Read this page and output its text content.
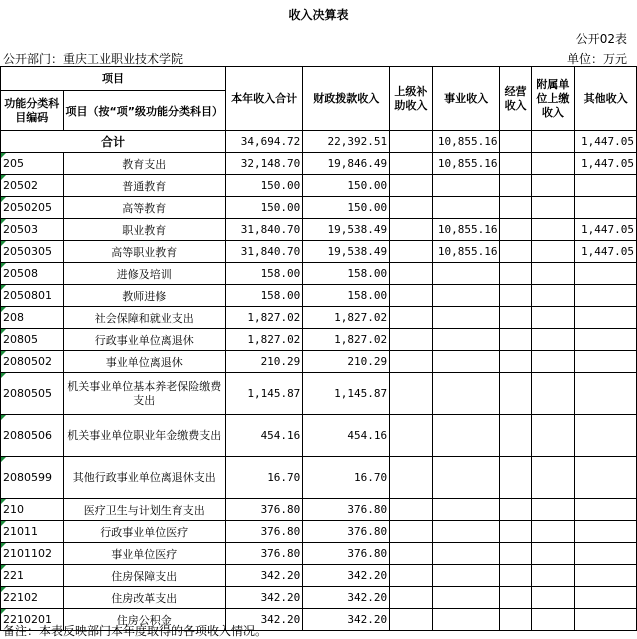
收入决算表
公开02表
公开部门：重庆工业职业技术学院	单位：万元
项目		本年收入合计	财政拨款收入	上级补助收入	事业收入	经营收入	附属单位上缴收入	其他收入
功能分类科目编码	项目（按“项”级功能分类科目）							
合计		34,694.72	22,392.51		10,855.16			1,447.05
205	教育支出	32,148.70	19,846.49		10,855.16			1,447.05
20502	普通教育	150.00	150.00					
2050205	高等教育	150.00	150.00					
20503	职业教育	31,840.70	19,538.49		10,855.16			1,447.05
2050305	高等职业教育	31,840.70	19,538.49		10,855.16			1,447.05
20508	进修及培训	158.00	158.00					
2050801	教师进修	158.00	158.00					
208	社会保障和就业支出	1,827.02	1,827.02					
20805	行政事业单位离退休	1,827.02	1,827.02					
2080502	事业单位离退休	210.29	210.29					
2080505	机关事业单位基本养老保险缴费支出	1,145.87	1,145.87					
2080506	机关事业单位职业年金缴费支出	454.16	454.16					
2080599	其他行政事业单位离退休支出	16.70	16.70					
210	医疗卫生与计划生育支出	376.80	376.80					
21011	行政事业单位医疗	376.80	376.80					
2101102	事业单位医疗	376.80	376.80					
221	住房保障支出	342.20	342.20					
22102	住房改革支出	342.20	342.20					
2210201	住房公积金	342.20	342.20					
备注：本表反映部门本年度取得的各项收入情况。
